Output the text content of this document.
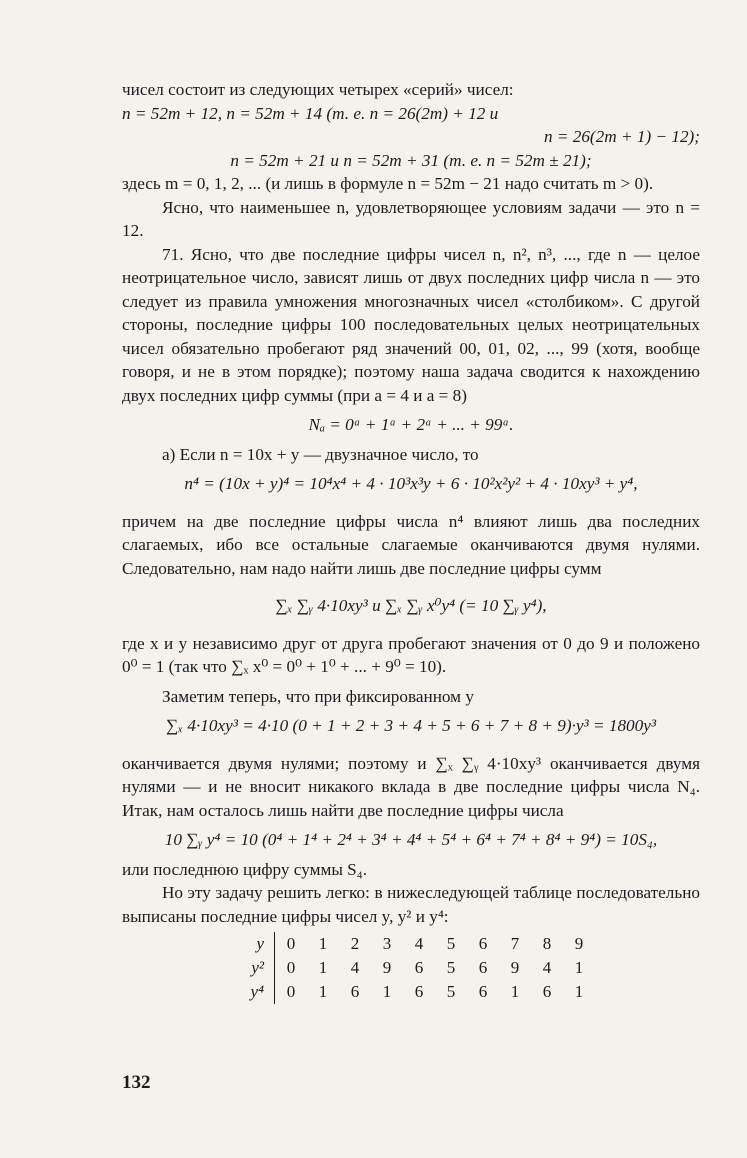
чисел состоит из следующих четырех «серий» чисел:

n = 52m + 12, n = 52m + 14 (т. е. n = 26(2m) + 12 и

n = 26(2m + 1) − 12);

n = 52m + 21 и n = 52m + 31 (т. е. n = 52m ± 21);

здесь m = 0, 1, 2, ... (и лишь в формуле n = 52m − 21 надо считать m > 0).

Ясно, что наименьшее n, удовлетворяющее условиям задачи — это n = 12.

71. Ясно, что две последние цифры чисел n, n², n³, ..., где n — целое неотрицательное число, зависят лишь от двух последних цифр числа n — это следует из правила умножения многозначных чисел «столбиком». С другой стороны, последние цифры 100 последовательных целых неотрицательных чисел обязательно пробегают ряд значений 00, 01, 02, ..., 99 (хотя, вообще говоря, и не в этом порядке); поэтому наша задача сводится к нахождению двух последних цифр суммы (при a = 4 и a = 8)

Nₐ = 0ᵃ + 1ᵃ + 2ᵃ + ... + 99ᵃ.

а) Если n = 10x + y — двузначное число, то

n⁴ = (10x + y)⁴ = 10⁴x⁴ + 4 · 10³x³y + 6 · 10²x²y² + 4 · 10xy³ + y⁴,

причем на две последние цифры числа n⁴ влияют лишь два последних слагаемых, ибо все остальные слагаемые оканчиваются двумя нулями. Следовательно, нам надо найти лишь две последние цифры сумм

∑ₓ ∑ᵧ 4·10xy³ и ∑ₓ ∑ᵧ x⁰y⁴ (= 10 ∑ᵧ y⁴),

где x и y независимо друг от друга пробегают значения от 0 до 9 и положено 0⁰ = 1 (так что ∑ₓ x⁰ = 0⁰ + 1⁰ + ... + 9⁰ = 10).

Заметим теперь, что при фиксированном y

∑ₓ 4·10xy³ = 4·10 (0 + 1 + 2 + 3 + 4 + 5 + 6 + 7 + 8 + 9)·y³ = 1800y³

оканчивается двумя нулями; поэтому и ∑ₓ ∑ᵧ 4·10xy³ оканчивается двумя нулями — и не вносит никакого вклада в две последние цифры числа N₄. Итак, нам осталось лишь найти две последние цифры числа

10 ∑ᵧ y⁴ = 10 (0⁴ + 1⁴ + 2⁴ + 3⁴ + 4⁴ + 5⁴ + 6⁴ + 7⁴ + 8⁴ + 9⁴) = 10S₄,

или последнюю цифру суммы S₄.

Но эту задачу решить легко: в нижеследующей таблице последовательно выписаны последние цифры чисел y, y² и y⁴:

y	0	1	2	3	4	5	6	7	8	9
y²	0	1	4	9	6	5	6	9	4	1
y⁴	0	1	6	1	6	5	6	1	6	1
132
